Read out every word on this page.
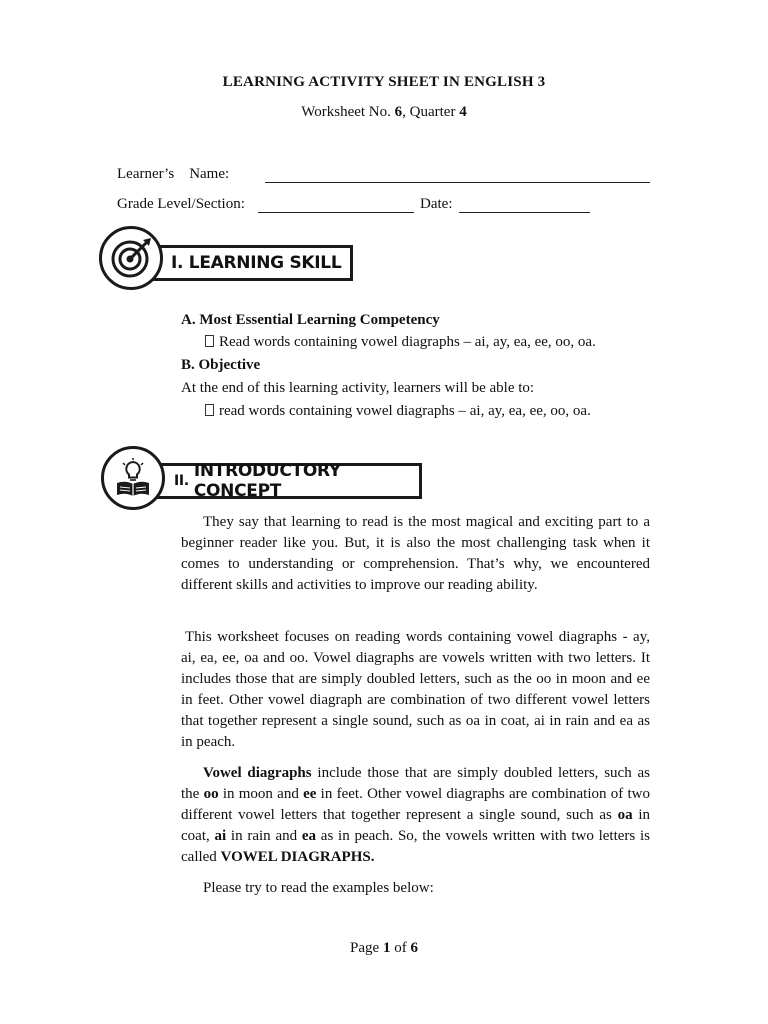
LEARNING ACTIVITY SHEET IN ENGLISH 3
Worksheet No. 6, Quarter 4
Learner’s    Name:
Grade Level/Section:	Date:
I. LEARNING SKILL
A. Most Essential Learning Competency
Read words containing vowel diagraphs – ai, ay, ea, ee, oo, oa.
B. Objective
At the end of this learning activity, learners will be able to:
read words containing vowel diagraphs – ai, ay, ea, ee, oo, oa.
II. INTRODUCTORY CONCEPT
They say that learning to read is the most magical and exciting part to a beginner reader like you. But, it is also the most challenging task when it comes to understanding or comprehension. That’s why, we encountered different skills and activities to improve our reading ability.
This worksheet focuses on reading words containing vowel diagraphs - ay, ai, ea, ee, oa and oo. Vowel diagraphs are vowels written with two letters. It includes those that are simply doubled letters, such as the oo in moon and ee in feet. Other vowel diagraph are combination of two different vowel letters that together represent a single sound, such as oa in coat, ai in rain and ea as in peach.
Vowel diagraphs include those that are simply doubled letters, such as the oo in moon and ee in feet. Other vowel diagraphs are combination of two different vowel letters that together represent a single sound, such as oa in coat, ai in rain and ea as in peach. So, the vowels written with two letters is called VOWEL DIAGRAPHS.
Please try to read the examples below:
Page 1 of 6
